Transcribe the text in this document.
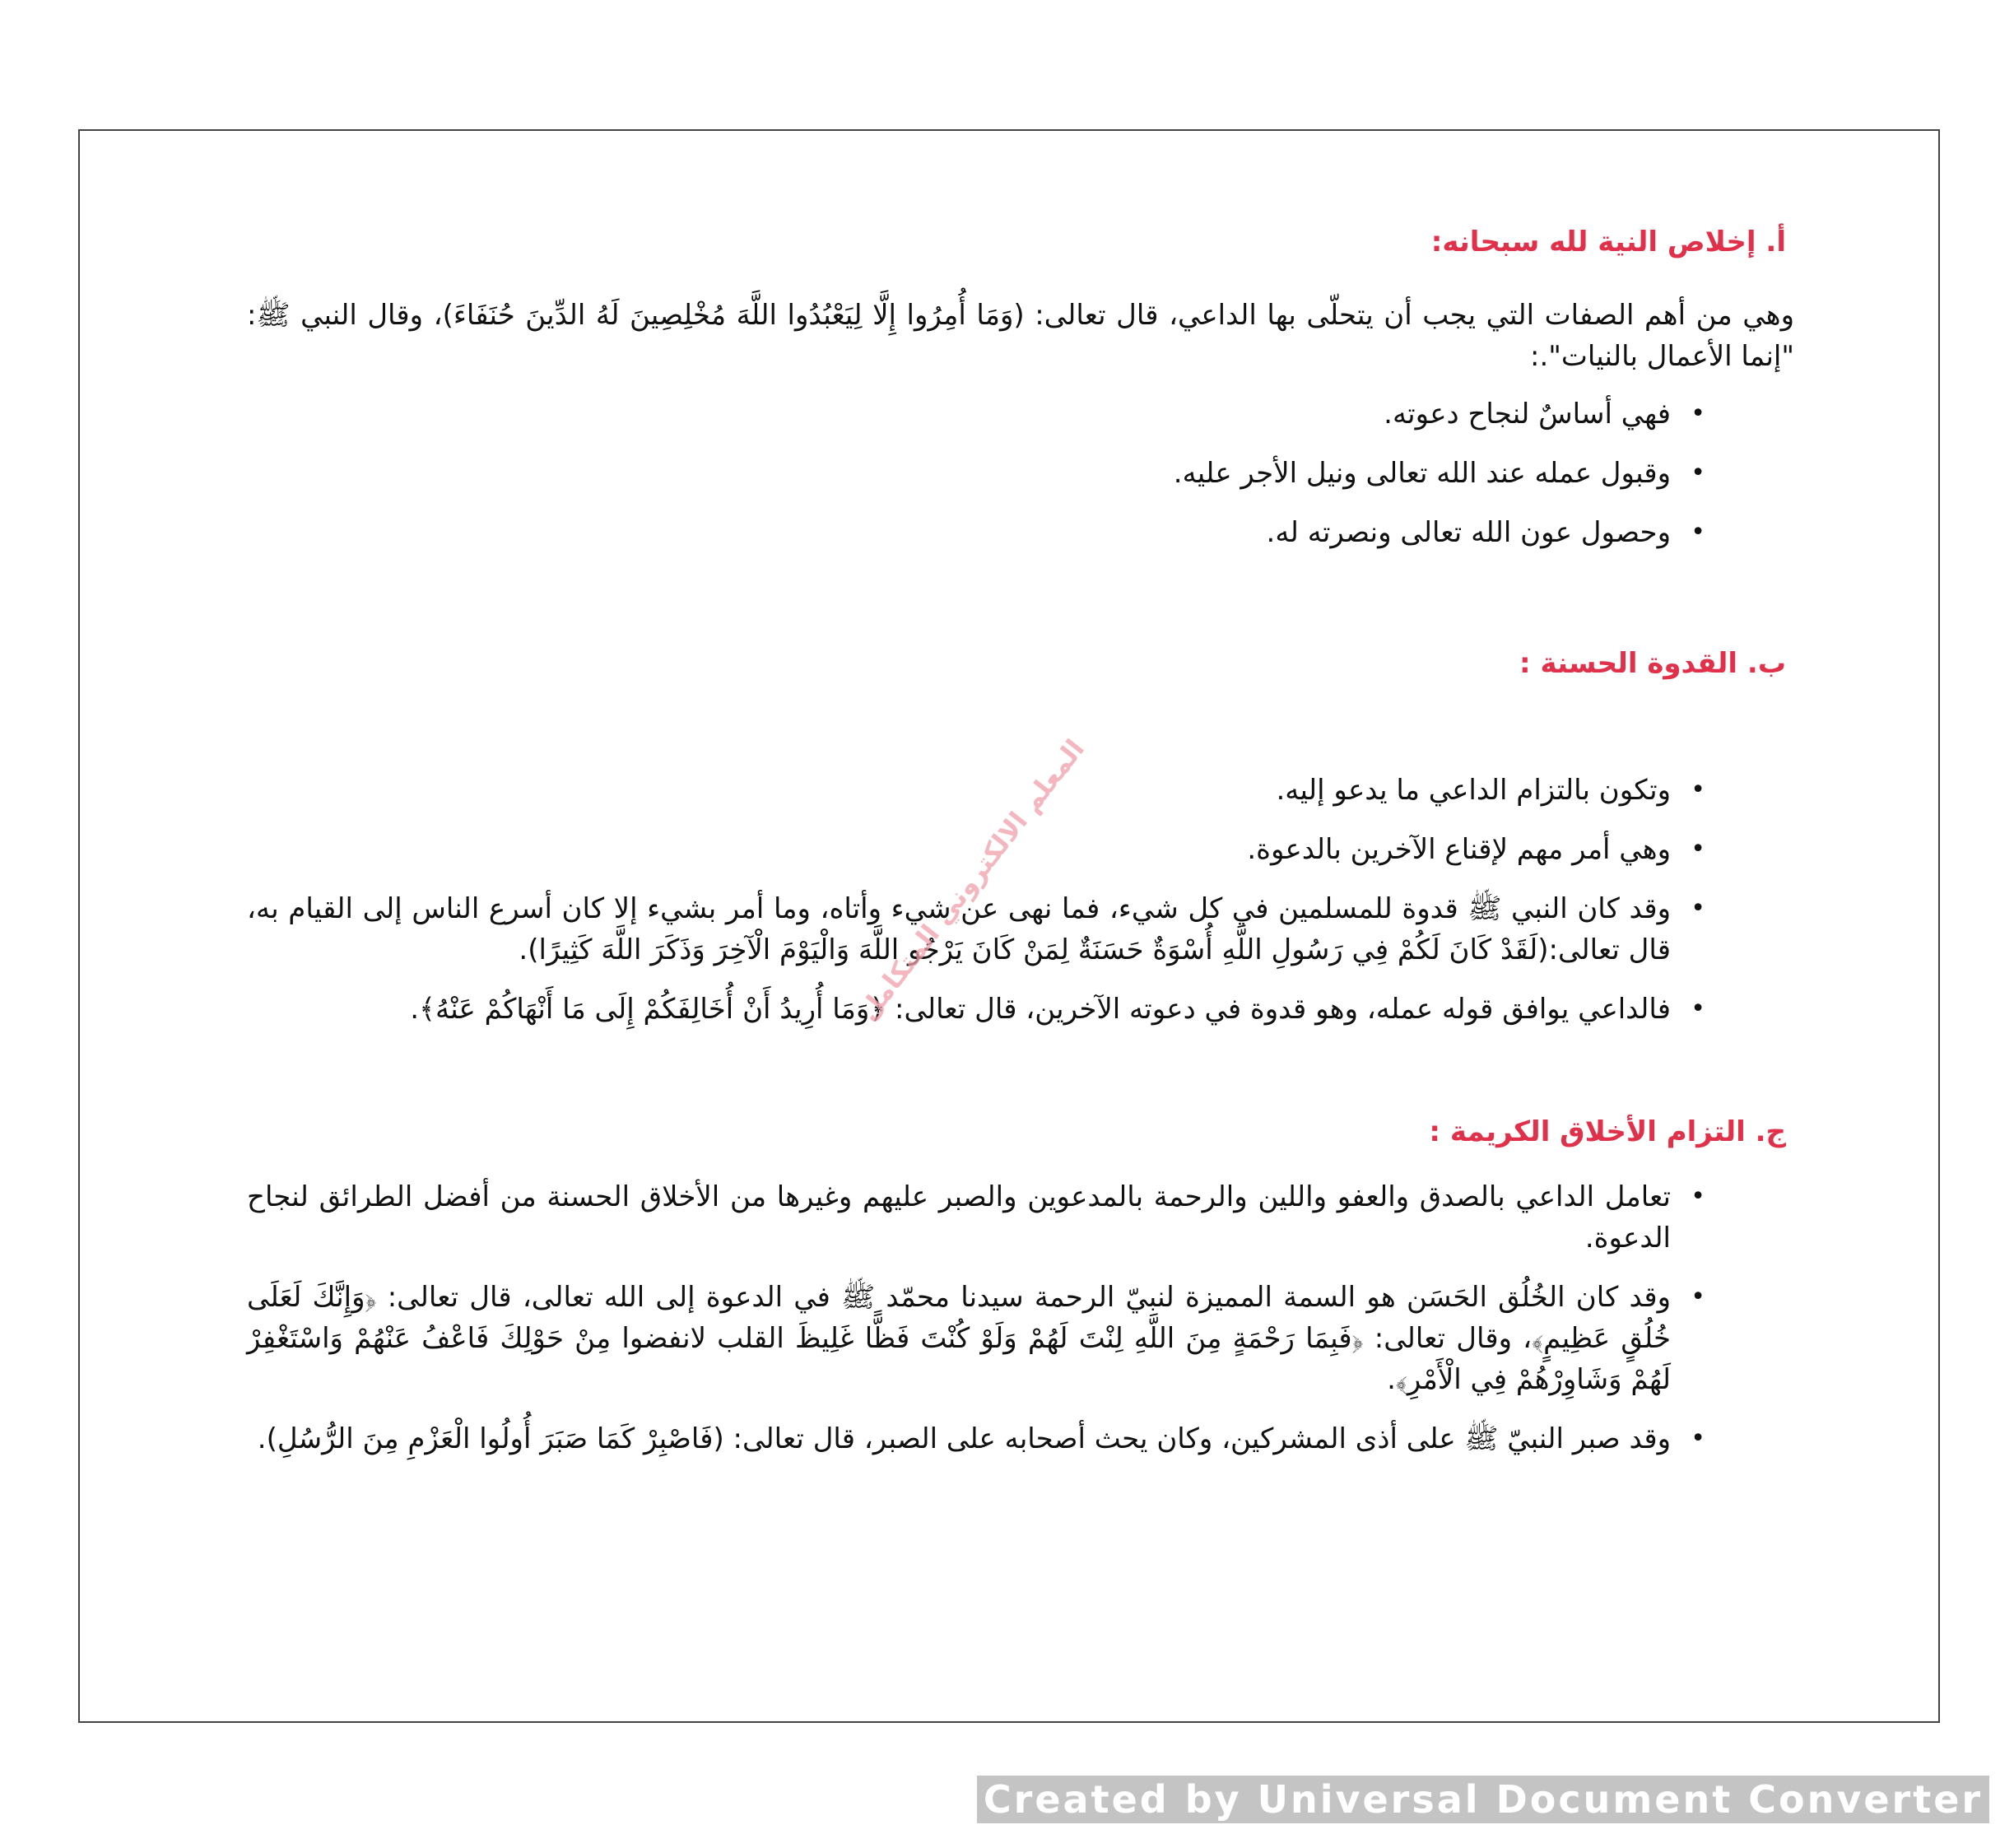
أ. إخلاص النية لله سبحانه:

وهي من أهم الصفات التي يجب أن يتحلّى بها الداعي، قال تعالى: (وَمَا أُمِرُوا إِلَّا لِيَعْبُدُوا اللَّهَ مُخْلِصِينَ لَهُ الدِّينَ حُنَفَاءَ)، وقال النبي ﷺ: "إنما الأعمال بالنيات".:

•
فهي أساسٌ لنجاح دعوته.
•
وقبول عمله عند الله تعالى ونيل الأجر عليه.
•
وحصول عون الله تعالى ونصرته له.
ب. القدوة الحسنة :
•
وتكون بالتزام الداعي ما يدعو إليه.
•
وهي أمر مهم لإقناع الآخرين بالدعوة.
•
وقد كان النبي ﷺ قدوة للمسلمين في كل شيء، فما نهى عن شيء وأتاه، وما أمر بشيء إلا كان أسرع الناس إلى القيام به، قال تعالى:(لَقَدْ كَانَ لَكُمْ فِي رَسُولِ اللَّهِ أُسْوَةٌ حَسَنَةٌ لِمَنْ كَانَ يَرْجُو اللَّهَ وَالْيَوْمَ الْآخِرَ وَذَكَرَ اللَّهَ كَثِيرًا).
•
فالداعي يوافق قوله عمله، وهو قدوة في دعوته الآخرين، قال تعالى: ﴿وَمَا أُرِيدُ أَنْ أُخَالِفَكُمْ إِلَى مَا أَنْهَاكُمْ عَنْهُ﴾.
ج. التزام الأخلاق الكريمة :
•
تعامل الداعي بالصدق والعفو واللين والرحمة بالمدعوين والصبر عليهم وغيرها من الأخلاق الحسنة من أفضل الطرائق لنجاح الدعوة.
•
وقد كان الخُلُق الحَسَن هو السمة المميزة لنبيّ الرحمة سيدنا محمّد ﷺ في الدعوة إلى الله تعالى، قال تعالى: ﴿وَإِنَّكَ لَعَلَى خُلُقٍ عَظِيمٍ﴾، وقال تعالى: ﴿فَبِمَا رَحْمَةٍ مِنَ اللَّهِ لِنْتَ لَهُمْ وَلَوْ كُنْتَ فَظًّا غَلِيظَ القلب لانفضوا مِنْ حَوْلِكَ فَاعْفُ عَنْهُمْ وَاسْتَغْفِرْ لَهُمْ وَشَاوِرْهُمْ فِي الْأَمْرِ﴾.
•
وقد صبر النبيّ ﷺ على أذى المشركين، وكان يحث أصحابه على الصبر، قال تعالى: (فَاصْبِرْ كَمَا صَبَرَ أُولُوا الْعَزْمِ مِنَ الرُّسُلِ).
المعلم الالكتروني المتكامل
Created by Universal Document Converter
